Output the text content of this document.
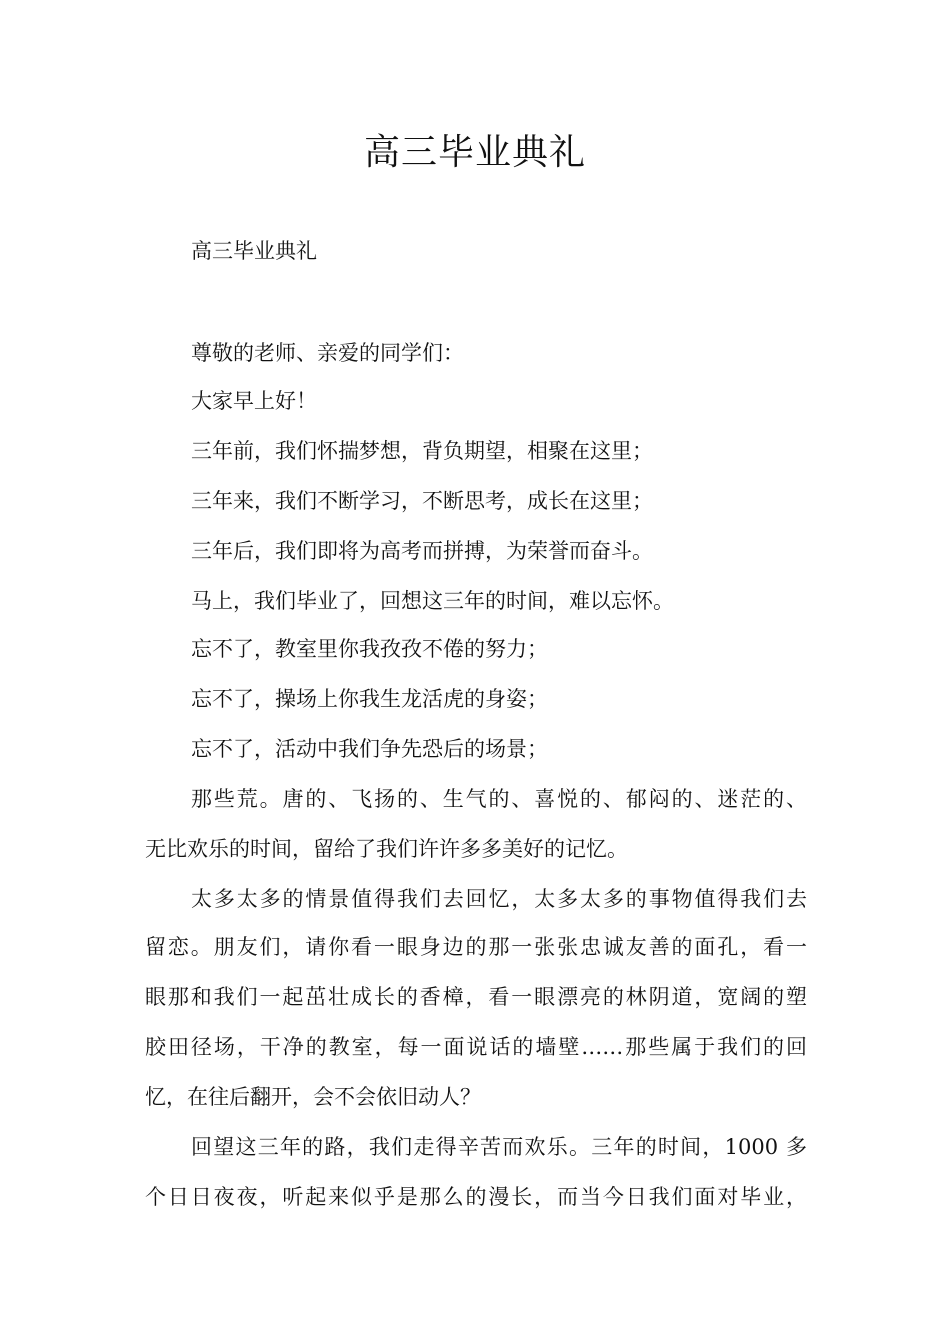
高三毕业典礼
高三毕业典礼
尊敬的老师、亲爱的同学们：
大家早上好！
三年前，我们怀揣梦想，背负期望，相聚在这里；
三年来，我们不断学习，不断思考，成长在这里；
三年后，我们即将为高考而拼搏，为荣誉而奋斗。
马上，我们毕业了，回想这三年的时间，难以忘怀。
忘不了，教室里你我孜孜不倦的努力；
忘不了，操场上你我生龙活虎的身姿；
忘不了，活动中我们争先恐后的场景；
那些荒。唐的、飞扬的、生气的、喜悦的、郁闷的、迷茫的、
无比欢乐的时间，留给了我们许许多多美好的记忆。
太多太多的情景值得我们去回忆，太多太多的事物值得我们去
留恋。朋友们，请你看一眼身边的那一张张忠诚友善的面孔，看一
眼那和我们一起茁壮成长的香樟，看一眼漂亮的林阴道，宽阔的塑
胶田径场，干净的教室，每一面说话的墙壁……那些属于我们的回
忆，在往后翻开，会不会依旧动人？
回望这三年的路，我们走得辛苦而欢乐。三年的时间，1000 多
个日日夜夜，听起来似乎是那么的漫长，而当今日我们面对毕业，
